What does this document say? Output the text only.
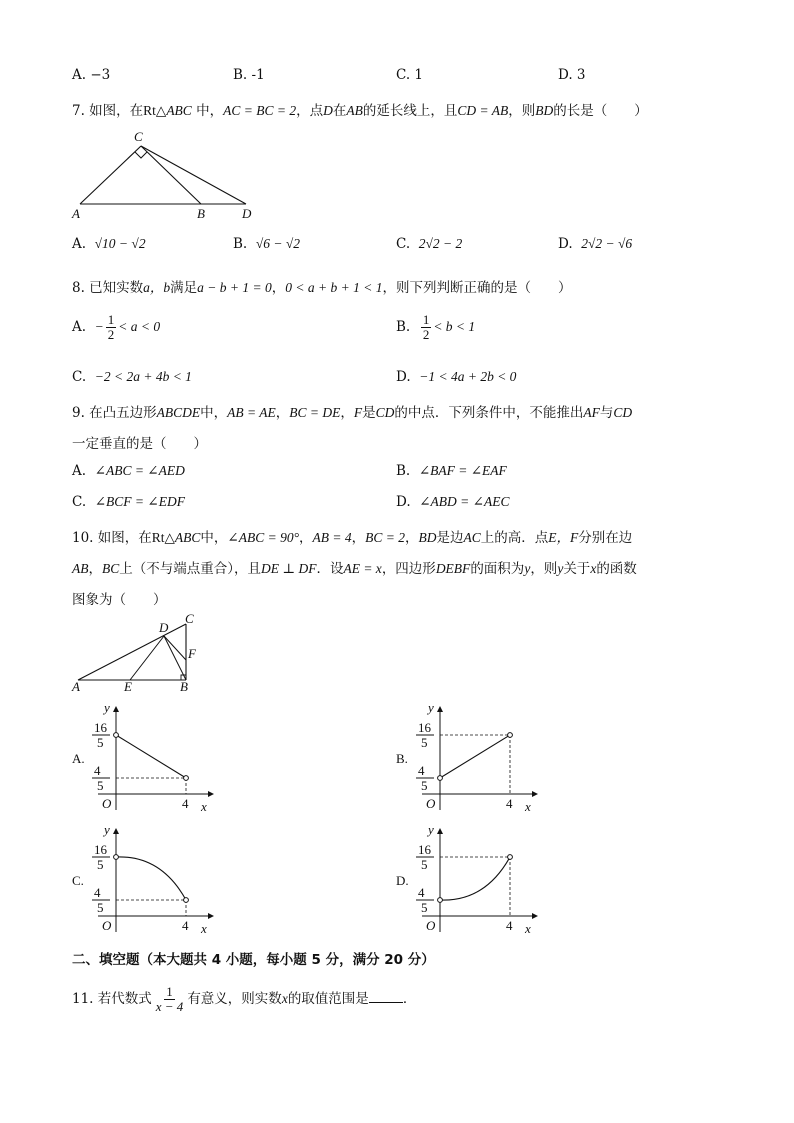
A. −3	B. -1	C. 1	D. 3
7. 如图，在Rt△ABC 中，AC = BC = 2，点D在AB的延长线上，且CD = AB，则BD的长是（　　）
C
A	B	D
A. √10 − √2	B. √6 − √2	C. 2√2 − 2	D. 2√2 − √6
8. 已知实数a，b满足a − b + 1 = 0，0 < a + b + 1 < 1，则下列判断正确的是（　　）
A. − $\frac{1}{2} < a < 0$	B. $\frac{1}{2} < b < 1$
C. −2 < 2a + 4b < 1	D. −1 < 4a + 2b < 0
9. 在凸五边形ABCDE中，AB = AE，BC = DE，F是CD的中点．下列条件中，不能推出AF与CD
一定垂直的是（　　）
A. ∠ABC = ∠AED	B. ∠BAF = ∠EAF
C. ∠BCF = ∠EDF	D. ∠ABD = ∠AEC
10. 如图，在Rt△ABC中，∠ABC = 90°，AB = 4，BC = 2，BD是边AC上的高．点E，F分别在边
AB，BC上（不与端点重合），且DE ⊥ DF．设AE = x，四边形DEBF的面积为y，则y关于x的函数
图象为（　　）
D
C
F
A	E	B
A.
y
x
O	4
16
5
4
5
B.
y
x
O	4
16
5
4
5
C.
y
x
O	4
16
5
4
5
D.
y
x
O	4
16
5
4
5
二、填空题（本大题共 4 小题，每小题 5 分，满分 20 分）
11. 若代数式 $\frac{1}{x - 4}$ 有意义，则实数x的取值范围是	．
